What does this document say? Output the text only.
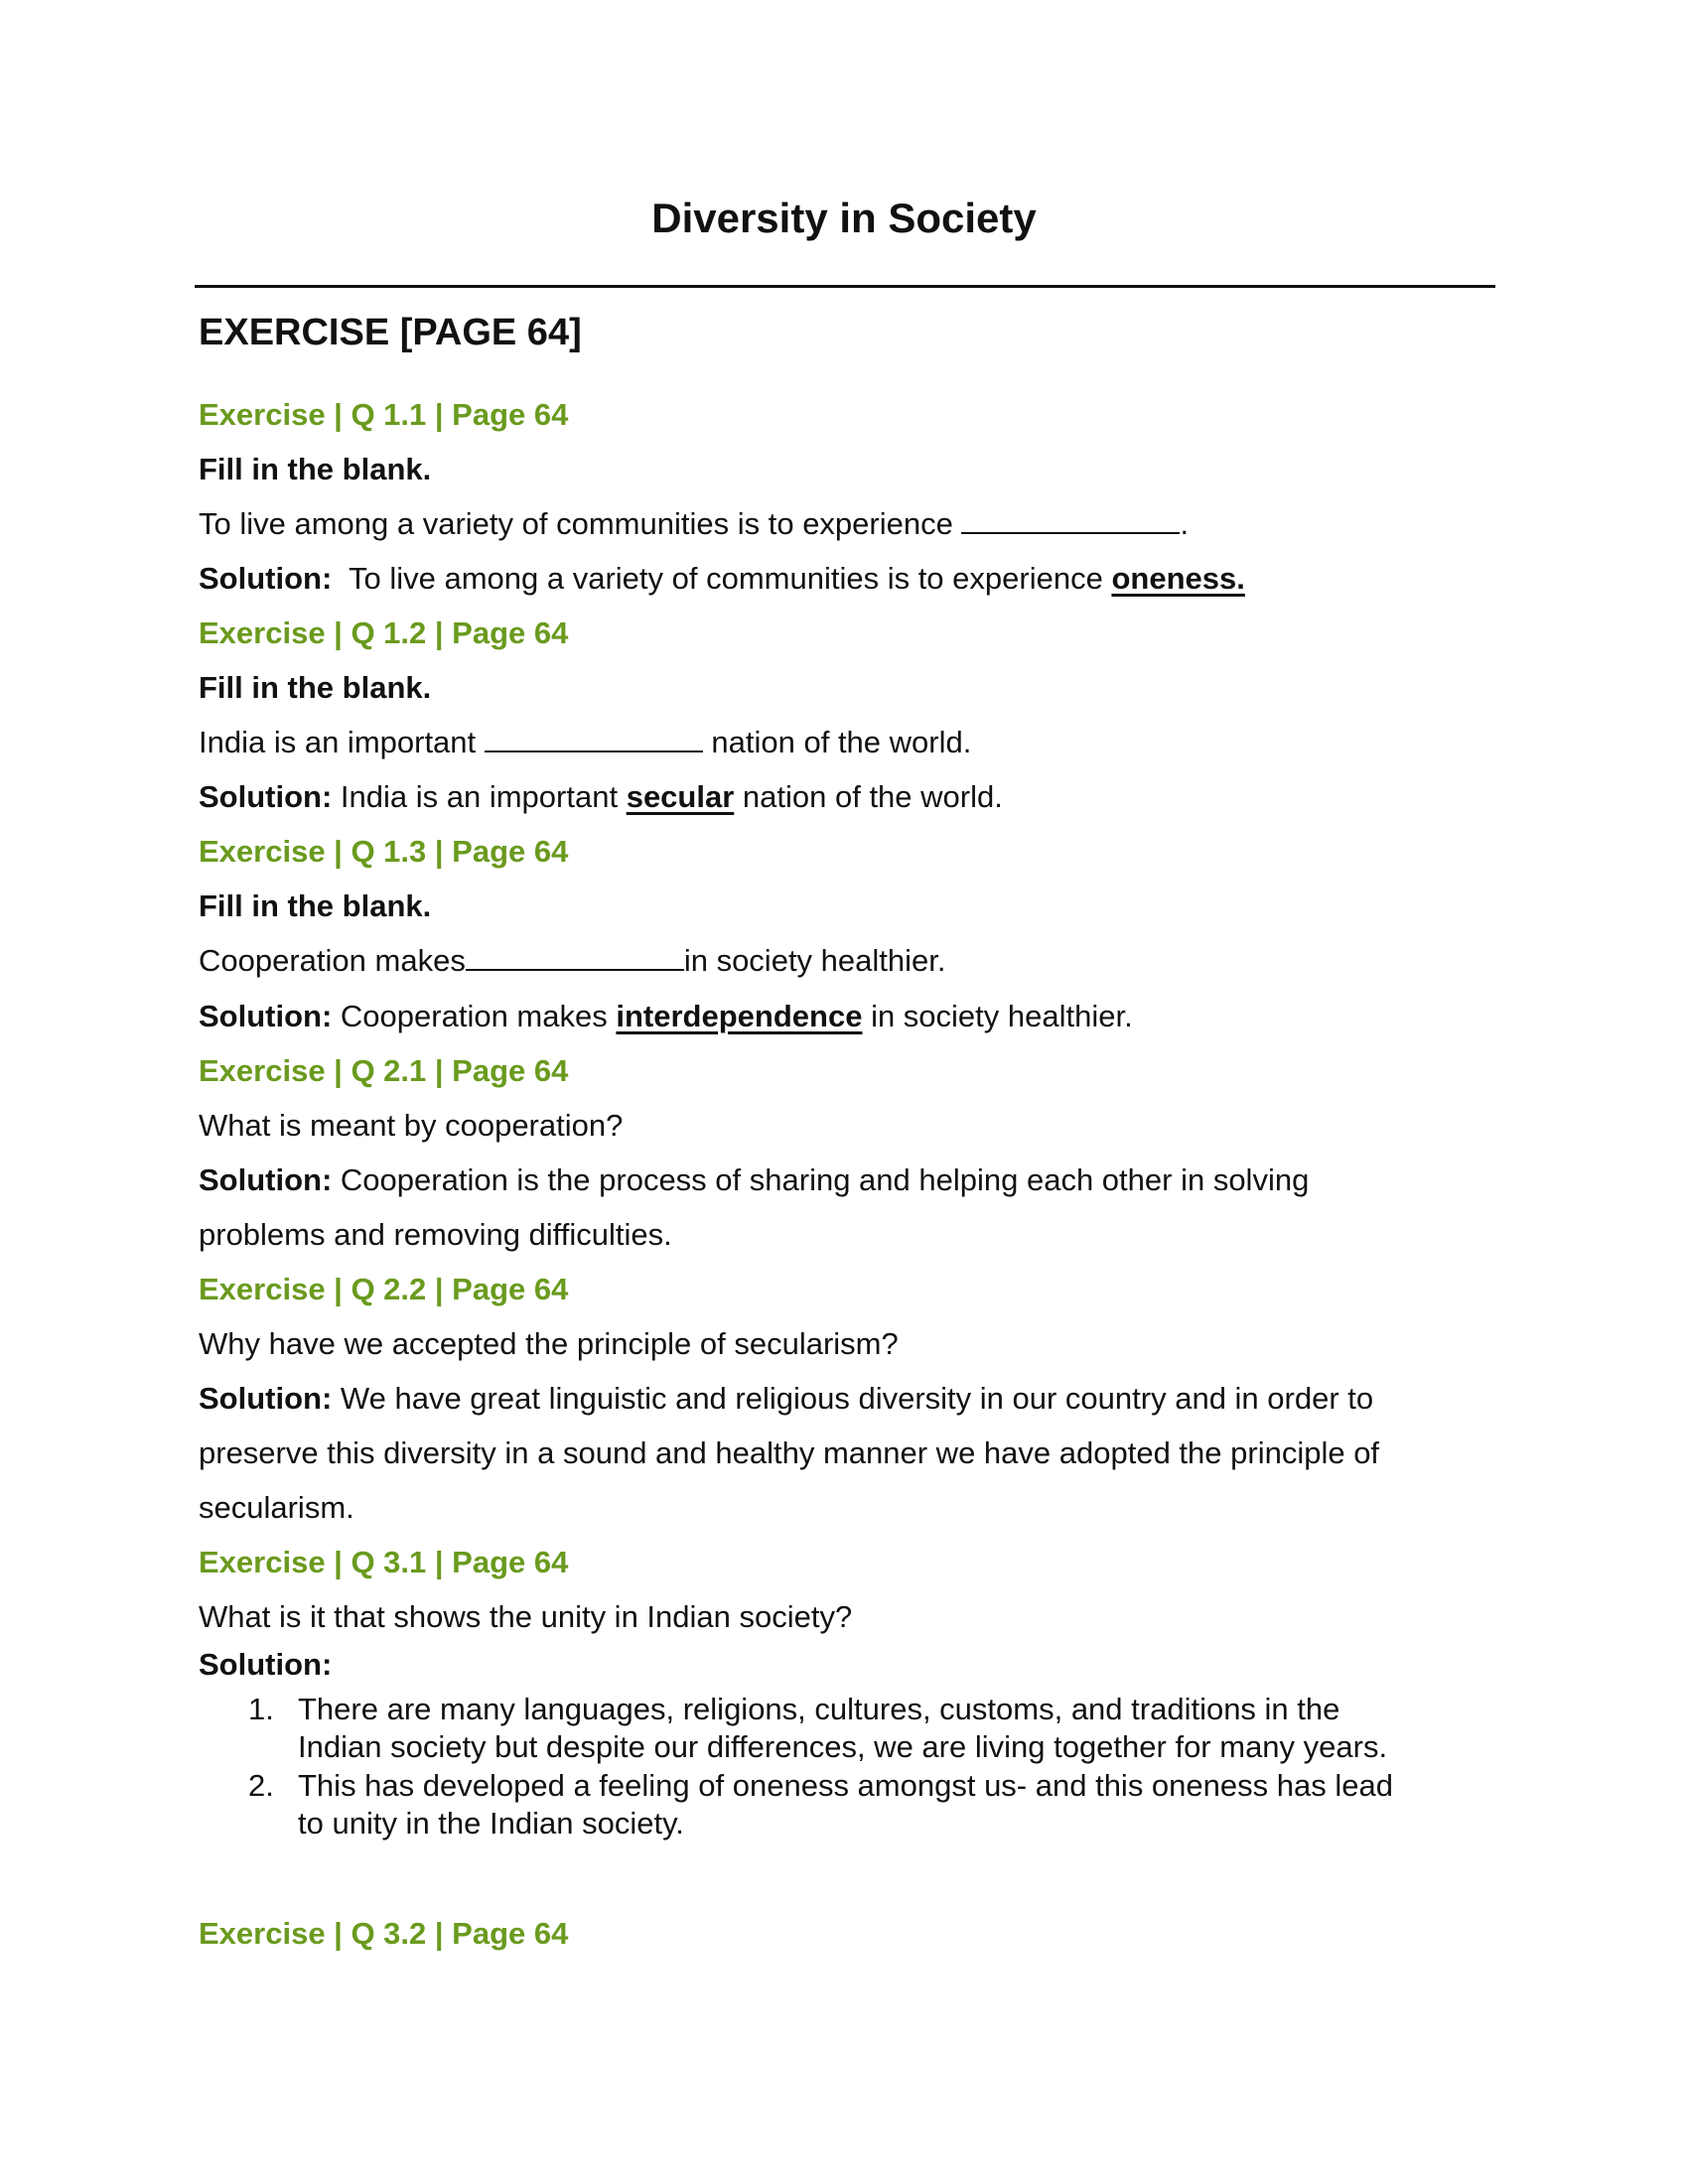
Diversity in Society
EXERCISE [PAGE 64]
Exercise | Q 1.1 | Page 64
Fill in the blank.
To live among a variety of communities is to experience	.
Solution: To live among a variety of communities is to experience oneness.
Exercise | Q 1.2 | Page 64
Fill in the blank.
India is an important	nation of the world.
Solution: India is an important secular nation of the world.
Exercise | Q 1.3 | Page 64
Fill in the blank.
Cooperation makes	in society healthier.
Solution: Cooperation makes interdependence in society healthier.
Exercise | Q 2.1 | Page 64
What is meant by cooperation?
Solution: Cooperation is the process of sharing and helping each other in solving
problems and removing difficulties.
Exercise | Q 2.2 | Page 64
Why have we accepted the principle of secularism?
Solution: We have great linguistic and religious diversity in our country and in order to
preserve this diversity in a sound and healthy manner we have adopted the principle of
secularism.
Exercise | Q 3.1 | Page 64
What is it that shows the unity in Indian society?
Solution:
1. There are many languages, religions, cultures, customs, and traditions in the
Indian society but despite our differences, we are living together for many years.
2. This has developed a feeling of oneness amongst us- and this oneness has lead
to unity in the Indian society.
Exercise | Q 3.2 | Page 64
